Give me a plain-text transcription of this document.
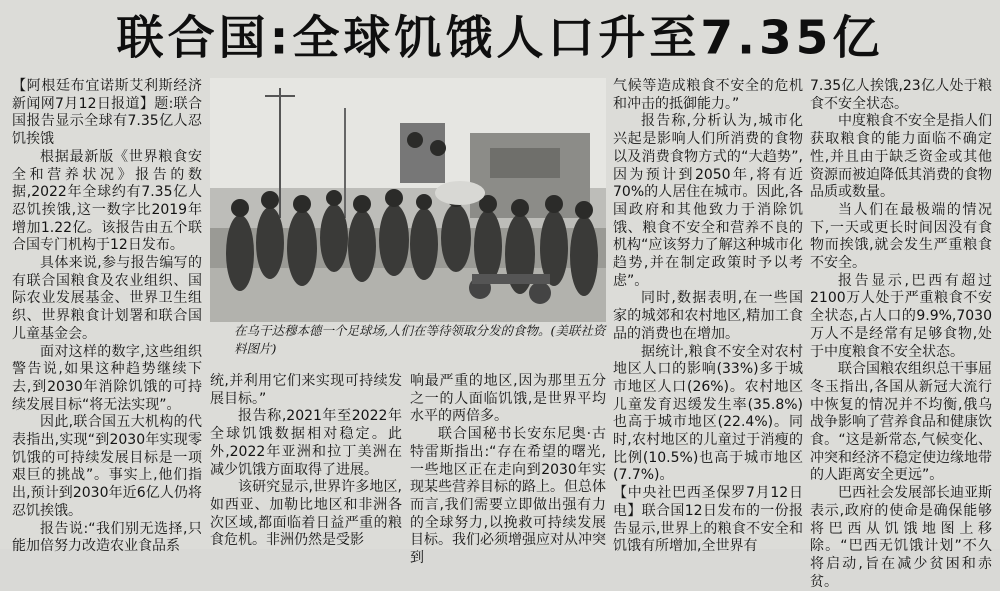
联合国:全球饥饿人口升至7.35亿

【阿根廷布宜诺斯艾利斯经济新闻网7月12日报道】题:联合国报告显示全球有7.35亿人忍饥挨饿

根据最新版《世界粮食安全和营养状况》报告的数据,2022年全球约有7.35亿人忍饥挨饿,这一数字比2019年增加1.22亿。该报告由五个联合国专门机构于12日发布。

具体来说,参与报告编写的有联合国粮食及农业组织、国际农业发展基金、世界卫生组织、世界粮食计划署和联合国儿童基金会。

面对这样的数字,这些组织警告说,如果这种趋势继续下去,到2030年消除饥饿的可持续发展目标“将无法实现”。

因此,联合国五大机构的代表指出,实现“到2030年实现零饥饿的可持续发展目标是一项艰巨的挑战”。事实上,他们指出,预计到2030年近6亿人仍将忍饥挨饿。

报告说:“我们别无选择,只能加倍努力改造农业食品系

在乌干达穆本德一个足球场,人们在等待领取分发的食物。(美联社资料图片)

统,并利用它们来实现可持续发展目标。”

报告称,2021年至2022年全球饥饿数据相对稳定。此外,2022年亚洲和拉丁美洲在减少饥饿方面取得了进展。

该研究显示,世界许多地区,如西亚、加勒比地区和非洲各次区域,都面临着日益严重的粮食危机。非洲仍然是受影

响最严重的地区,因为那里五分之一的人面临饥饿,是世界平均水平的两倍多。

联合国秘书长安东尼奥·古特雷斯指出:“存在希望的曙光,一些地区正在走向到2030年实现某些营养目标的路上。但总体而言,我们需要立即做出强有力的全球努力,以挽救可持续发展目标。我们必须增强应对从冲突到

气候等造成粮食不安全的危机和冲击的抵御能力。”

报告称,分析认为,城市化兴起是影响人们所消费的食物以及消费食物方式的“大趋势”,因为预计到2050年,将有近70%的人居住在城市。因此,各国政府和其他致力于消除饥饿、粮食不安全和营养不良的机构“应该努力了解这种城市化趋势,并在制定政策时予以考虑”。

同时,数据表明,在一些国家的城郊和农村地区,精加工食品的消费也在增加。

据统计,粮食不安全对农村地区人口的影响(33%)多于城市地区人口(26%)。农村地区儿童发育迟缓发生率(35.8%)也高于城市地区(22.4%)。同时,农村地区的儿童过于消瘦的比例(10.5%)也高于城市地区(7.7%)。

【中央社巴西圣保罗7月12日电】联合国12日发布的一份报告显示,世界上的粮食不安全和饥饿有所增加,全世界有

7.35亿人挨饿,23亿人处于粮食不安全状态。

中度粮食不安全是指人们获取粮食的能力面临不确定性,并且由于缺乏资金或其他资源而被迫降低其消费的食物品质或数量。

当人们在最极端的情况下,一天或更长时间因没有食物而挨饿,就会发生严重粮食不安全。

报告显示,巴西有超过2100万人处于严重粮食不安全状态,占人口的9.9%,7030万人不是经常有足够食物,处于中度粮食不安全状态。

联合国粮农组织总干事屈冬玉指出,各国从新冠大流行中恢复的情况并不均衡,俄乌战争影响了营养食品和健康饮食。“这是新常态,气候变化、冲突和经济不稳定使边缘地带的人距离安全更远”。

巴西社会发展部长迪亚斯表示,政府的使命是确保能够将巴西从饥饿地图上移除。“巴西无饥饿计划”不久将启动,旨在减少贫困和赤贫。
